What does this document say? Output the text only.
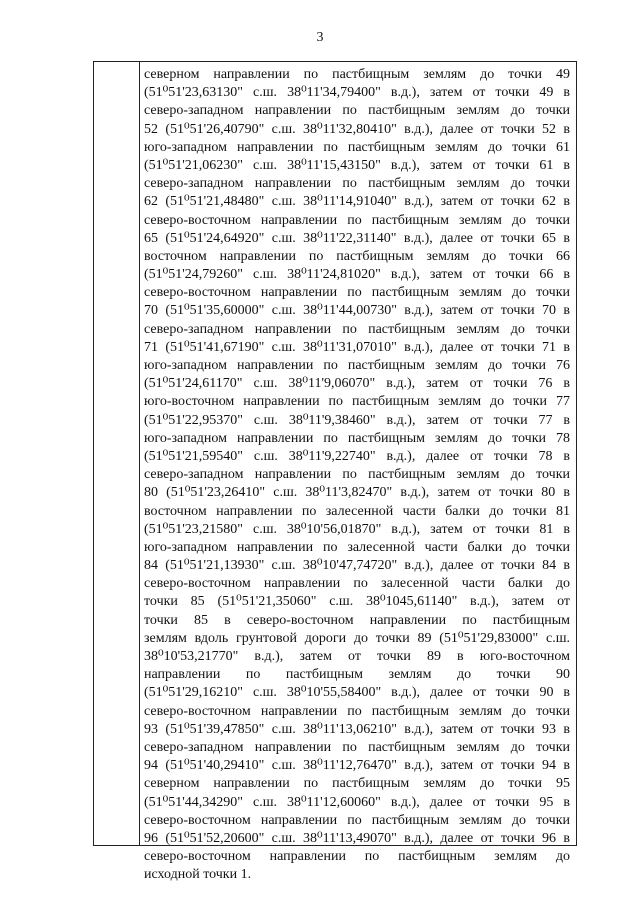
3
северном направлении по пастбищным землям до точки 49
(51⁰51'23,63130" с.ш. 38⁰11'34,79400" в.д.), затем от точки 49 в
северо-западном направлении по пастбищным землям до точки
52 (51⁰51'26,40790" с.ш. 38⁰11'32,80410" в.д.), далее от точки 52 в
юго-западном направлении по пастбищным землям до точки 61
(51⁰51'21,06230" с.ш. 38⁰11'15,43150" в.д.), затем от точки 61 в
северо-западном направлении по пастбищным землям до точки
62 (51⁰51'21,48480" с.ш. 38⁰11'14,91040" в.д.), затем от точки 62 в
северо-восточном направлении по пастбищным землям до точки
65 (51⁰51'24,64920" с.ш. 38⁰11'22,31140" в.д.), далее от точки 65 в
восточном направлении по пастбищным землям до точки 66
(51⁰51'24,79260" с.ш. 38⁰11'24,81020" в.д.), затем от точки 66 в
северо-восточном направлении по пастбищным землям до точки
70 (51⁰51'35,60000" с.ш. 38⁰11'44,00730" в.д.), затем от точки 70 в
северо-западном направлении по пастбищным землям до точки
71 (51⁰51'41,67190" с.ш. 38⁰11'31,07010" в.д.), далее от точки 71 в
юго-западном направлении по пастбищным землям до точки 76
(51⁰51'24,61170" с.ш. 38⁰11'9,06070" в.д.), затем от точки 76 в
юго-восточном направлении по пастбищным землям до точки 77
(51⁰51'22,95370" с.ш. 38⁰11'9,38460" в.д.), затем от точки 77 в
юго-западном направлении по пастбищным землям до точки 78
(51⁰51'21,59540" с.ш. 38⁰11'9,22740" в.д.), далее от точки 78 в
северо-западном направлении по пастбищным землям до точки
80 (51⁰51'23,26410" с.ш. 38⁰11'3,82470" в.д.), затем от точки 80 в
восточном направлении по залесенной части балки до точки 81
(51⁰51'23,21580" с.ш. 38⁰10'56,01870" в.д.), затем от точки 81 в
юго-западном направлении по залесенной части балки до точки
84 (51⁰51'21,13930" с.ш. 38⁰10'47,74720" в.д.), далее от точки 84 в
северо-восточном направлении по залесенной части балки до
точки 85 (51⁰51'21,35060" с.ш. 38⁰1045,61140" в.д.), затем от
точки 85 в северо-восточном направлении по пастбищным
землям вдоль грунтовой дороги до точки 89 (51⁰51'29,83000" с.ш.
38⁰10'53,21770" в.д.), затем от точки 89 в юго-восточном
направлении по пастбищным землям до точки 90
(51⁰51'29,16210" с.ш. 38⁰10'55,58400" в.д.), далее от точки 90 в
северо-восточном направлении по пастбищным землям до точки
93 (51⁰51'39,47850" с.ш. 38⁰11'13,06210" в.д.), затем от точки 93 в
северо-западном направлении по пастбищным землям до точки
94 (51⁰51'40,29410" с.ш. 38⁰11'12,76470" в.д.), затем от точки 94 в
северном направлении по пастбищным землям до точки 95
(51⁰51'44,34290" с.ш. 38⁰11'12,60060" в.д.), далее от точки 95 в
северо-восточном направлении по пастбищным землям до точки
96 (51⁰51'52,20600" с.ш. 38⁰11'13,49070" в.д.), далее от точки 96 в
северо-восточном направлении по пастбищным землям до
исходной точки 1.
